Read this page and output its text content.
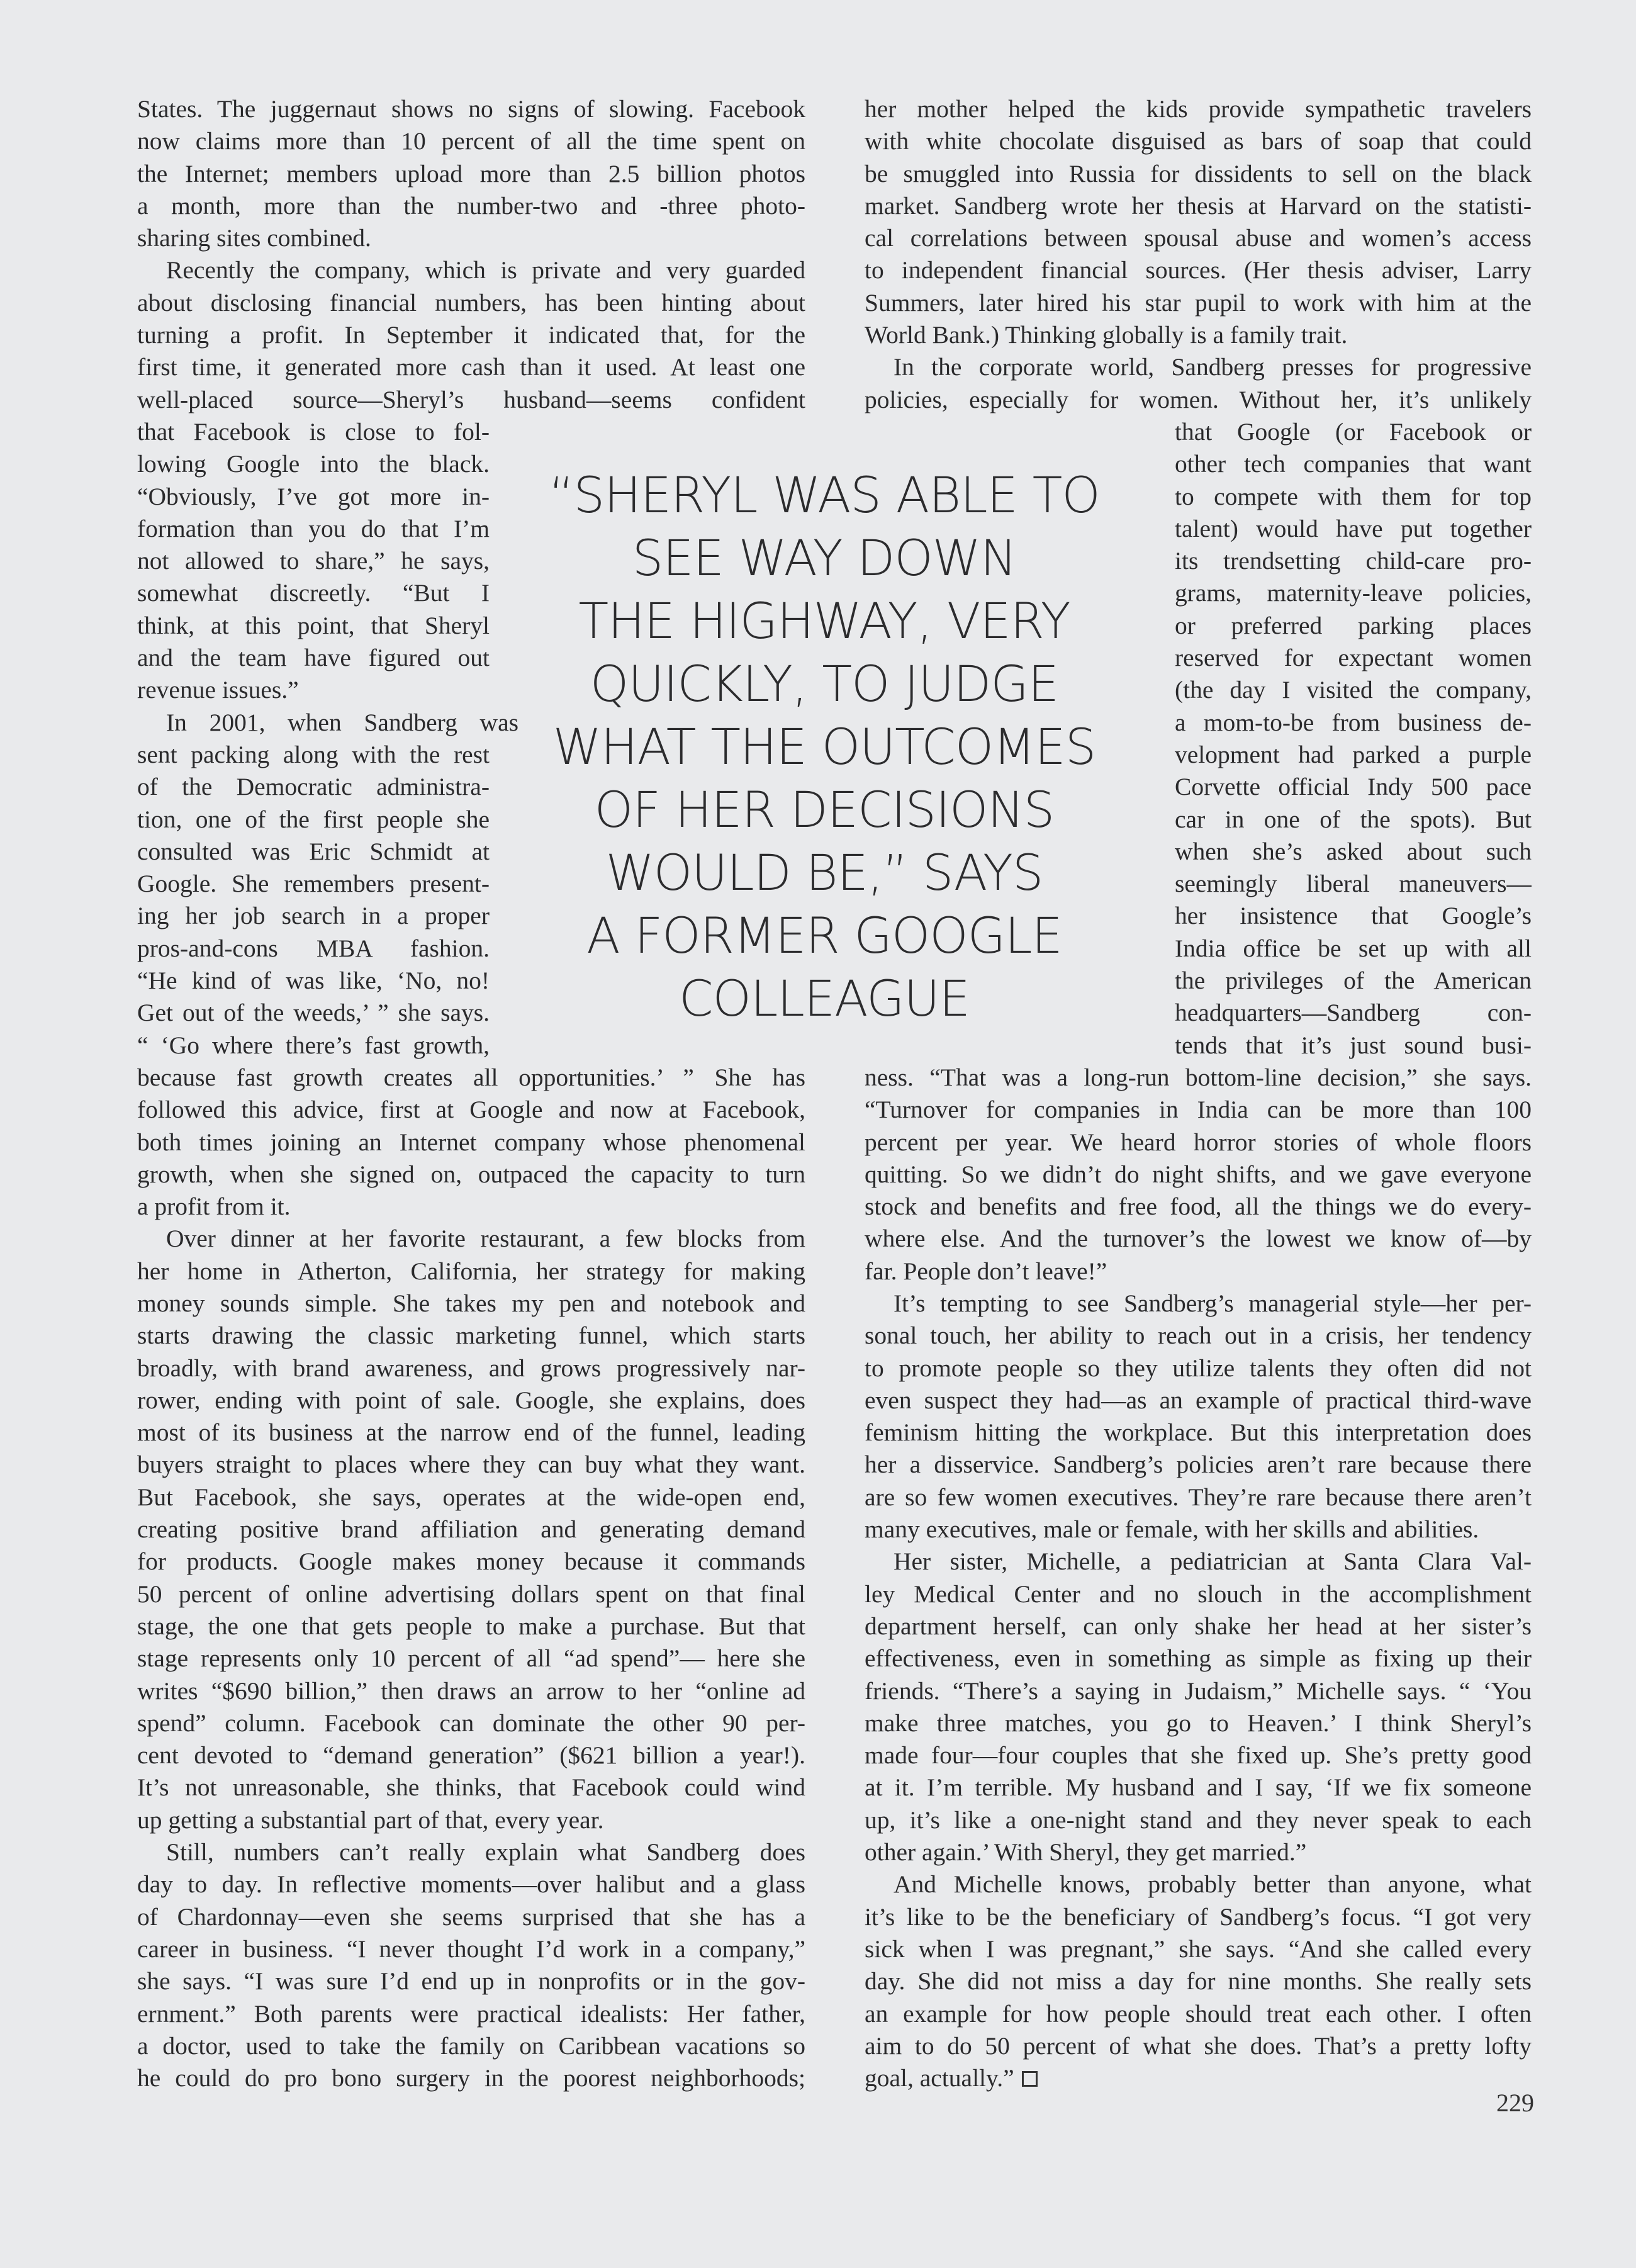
States. The juggernaut shows no signs of slowing. Facebook
now claims more than 10 percent of all the time spent on
the Internet; members upload more than 2.5 billion photos
a month, more than the number-two and -three photo-
sharing sites combined.
Recently the company, which is private and very guarded
about disclosing financial numbers, has been hinting about
turning a profit. In September it indicated that, for the
first time, it generated more cash than it used. At least one
well-placed source—Sheryl’s husband—seems confident
that Facebook is close to fol-
lowing Google into the black.
“Obviously, I’ve got more in-
formation than you do that I’m
not allowed to share,” he says,
somewhat discreetly. “But I
think, at this point, that Sheryl
and the team have figured out
revenue issues.”
In 2001, when Sandberg was
sent packing along with the rest
of the Democratic administra-
tion, one of the first people she
consulted was Eric Schmidt at
Google. She remembers present-
ing her job search in a proper
pros-and-cons MBA fashion.
“He kind of was like, ‘No, no!
Get out of the weeds,’ ” she says.
“ ‘Go where there’s fast growth,
because fast growth creates all opportunities.’ ” She has
followed this advice, first at Google and now at Facebook,
both times joining an Internet company whose phenomenal
growth, when she signed on, outpaced the capacity to turn
a profit from it.
Over dinner at her favorite restaurant, a few blocks from
her home in Atherton, California, her strategy for making
money sounds simple. She takes my pen and notebook and
starts drawing the classic marketing funnel, which starts
broadly, with brand awareness, and grows progressively nar-
rower, ending with point of sale. Google, she explains, does
most of its business at the narrow end of the funnel, leading
buyers straight to places where they can buy what they want.
But Facebook, she says, operates at the wide-open end,
creating positive brand affiliation and generating demand
for products. Google makes money because it commands
50 percent of online advertising dollars spent on that final
stage, the one that gets people to make a purchase. But that
stage represents only 10 percent of all “ad spend”— here she
writes “$690 billion,” then draws an arrow to her “online ad
spend” column. Facebook can dominate the other 90 per-
cent devoted to “demand generation” ($621 billion a year!).
It’s not unreasonable, she thinks, that Facebook could wind
up getting a substantial part of that, every year.
Still, numbers can’t really explain what Sandberg does
day to day. In reflective moments—over halibut and a glass
of Chardonnay—even she seems surprised that she has a
career in business. “I never thought I’d work in a company,”
she says. “I was sure I’d end up in nonprofits or in the gov-
ernment.” Both parents were practical idealists: Her father,
a doctor, used to take the family on Caribbean vacations so
he could do pro bono surgery in the poorest neighborhoods;
her mother helped the kids provide sympathetic travelers
with white chocolate disguised as bars of soap that could
be smuggled into Russia for dissidents to sell on the black
market. Sandberg wrote her thesis at Harvard on the statisti-
cal correlations between spousal abuse and women’s access
to independent financial sources. (Her thesis adviser, Larry
Summers, later hired his star pupil to work with him at the
World Bank.) Thinking globally is a family trait.
In the corporate world, Sandberg presses for progressive
policies, especially for women. Without her, it’s unlikely
that Google (or Facebook or
other tech companies that want
to compete with them for top
talent) would have put together
its trendsetting child-care pro-
grams, maternity-leave policies,
or preferred parking places
reserved for expectant women
(the day I visited the company,
a mom-to-be from business de-
velopment had parked a purple
Corvette official Indy 500 pace
car in one of the spots). But
when she’s asked about such
seemingly liberal maneuvers—
her insistence that Google’s
India office be set up with all
the privileges of the American
headquarters—Sandberg con-
tends that it’s just sound busi-
ness. “That was a long-run bottom-line decision,” she says.
“Turnover for companies in India can be more than 100
percent per year. We heard horror stories of whole floors
quitting. So we didn’t do night shifts, and we gave everyone
stock and benefits and free food, all the things we do every-
where else. And the turnover’s the lowest we know of—by
far. People don’t leave!”
It’s tempting to see Sandberg’s managerial style—her per-
sonal touch, her ability to reach out in a crisis, her tendency
to promote people so they utilize talents they often did not
even suspect they had—as an example of practical third-wave
feminism hitting the workplace. But this interpretation does
her a disservice. Sandberg’s policies aren’t rare because there
are so few women executives. They’re rare because there aren’t
many executives, male or female, with her skills and abilities.
Her sister, Michelle, a pediatrician at Santa Clara Val-
ley Medical Center and no slouch in the accomplishment
department herself, can only shake her head at her sister’s
effectiveness, even in something as simple as fixing up their
friends. “There’s a saying in Judaism,” Michelle says. “ ‘You
make three matches, you go to Heaven.’ I think Sheryl’s
made four—four couples that she fixed up. She’s pretty good
at it. I’m terrible. My husband and I say, ‘If we fix someone
up, it’s like a one-night stand and they never speak to each
other again.’ With Sheryl, they get married.”
And Michelle knows, probably better than anyone, what
it’s like to be the beneficiary of Sandberg’s focus. “I got very
sick when I was pregnant,” she says. “And she called every
day. She did not miss a day for nine months. She really sets
an example for how people should treat each other. I often
aim to do 50 percent of what she does. That’s a pretty lofty
goal, actually.”
“SHERYL WAS ABLE TO
SEE WAY DOWN
THE HIGHWAY, VERY
QUICKLY, TO JUDGE
WHAT THE OUTCOMES
OF HER DECISIONS
WOULD BE,” SAYS
A FORMER GOOGLE
COLLEAGUE
229
